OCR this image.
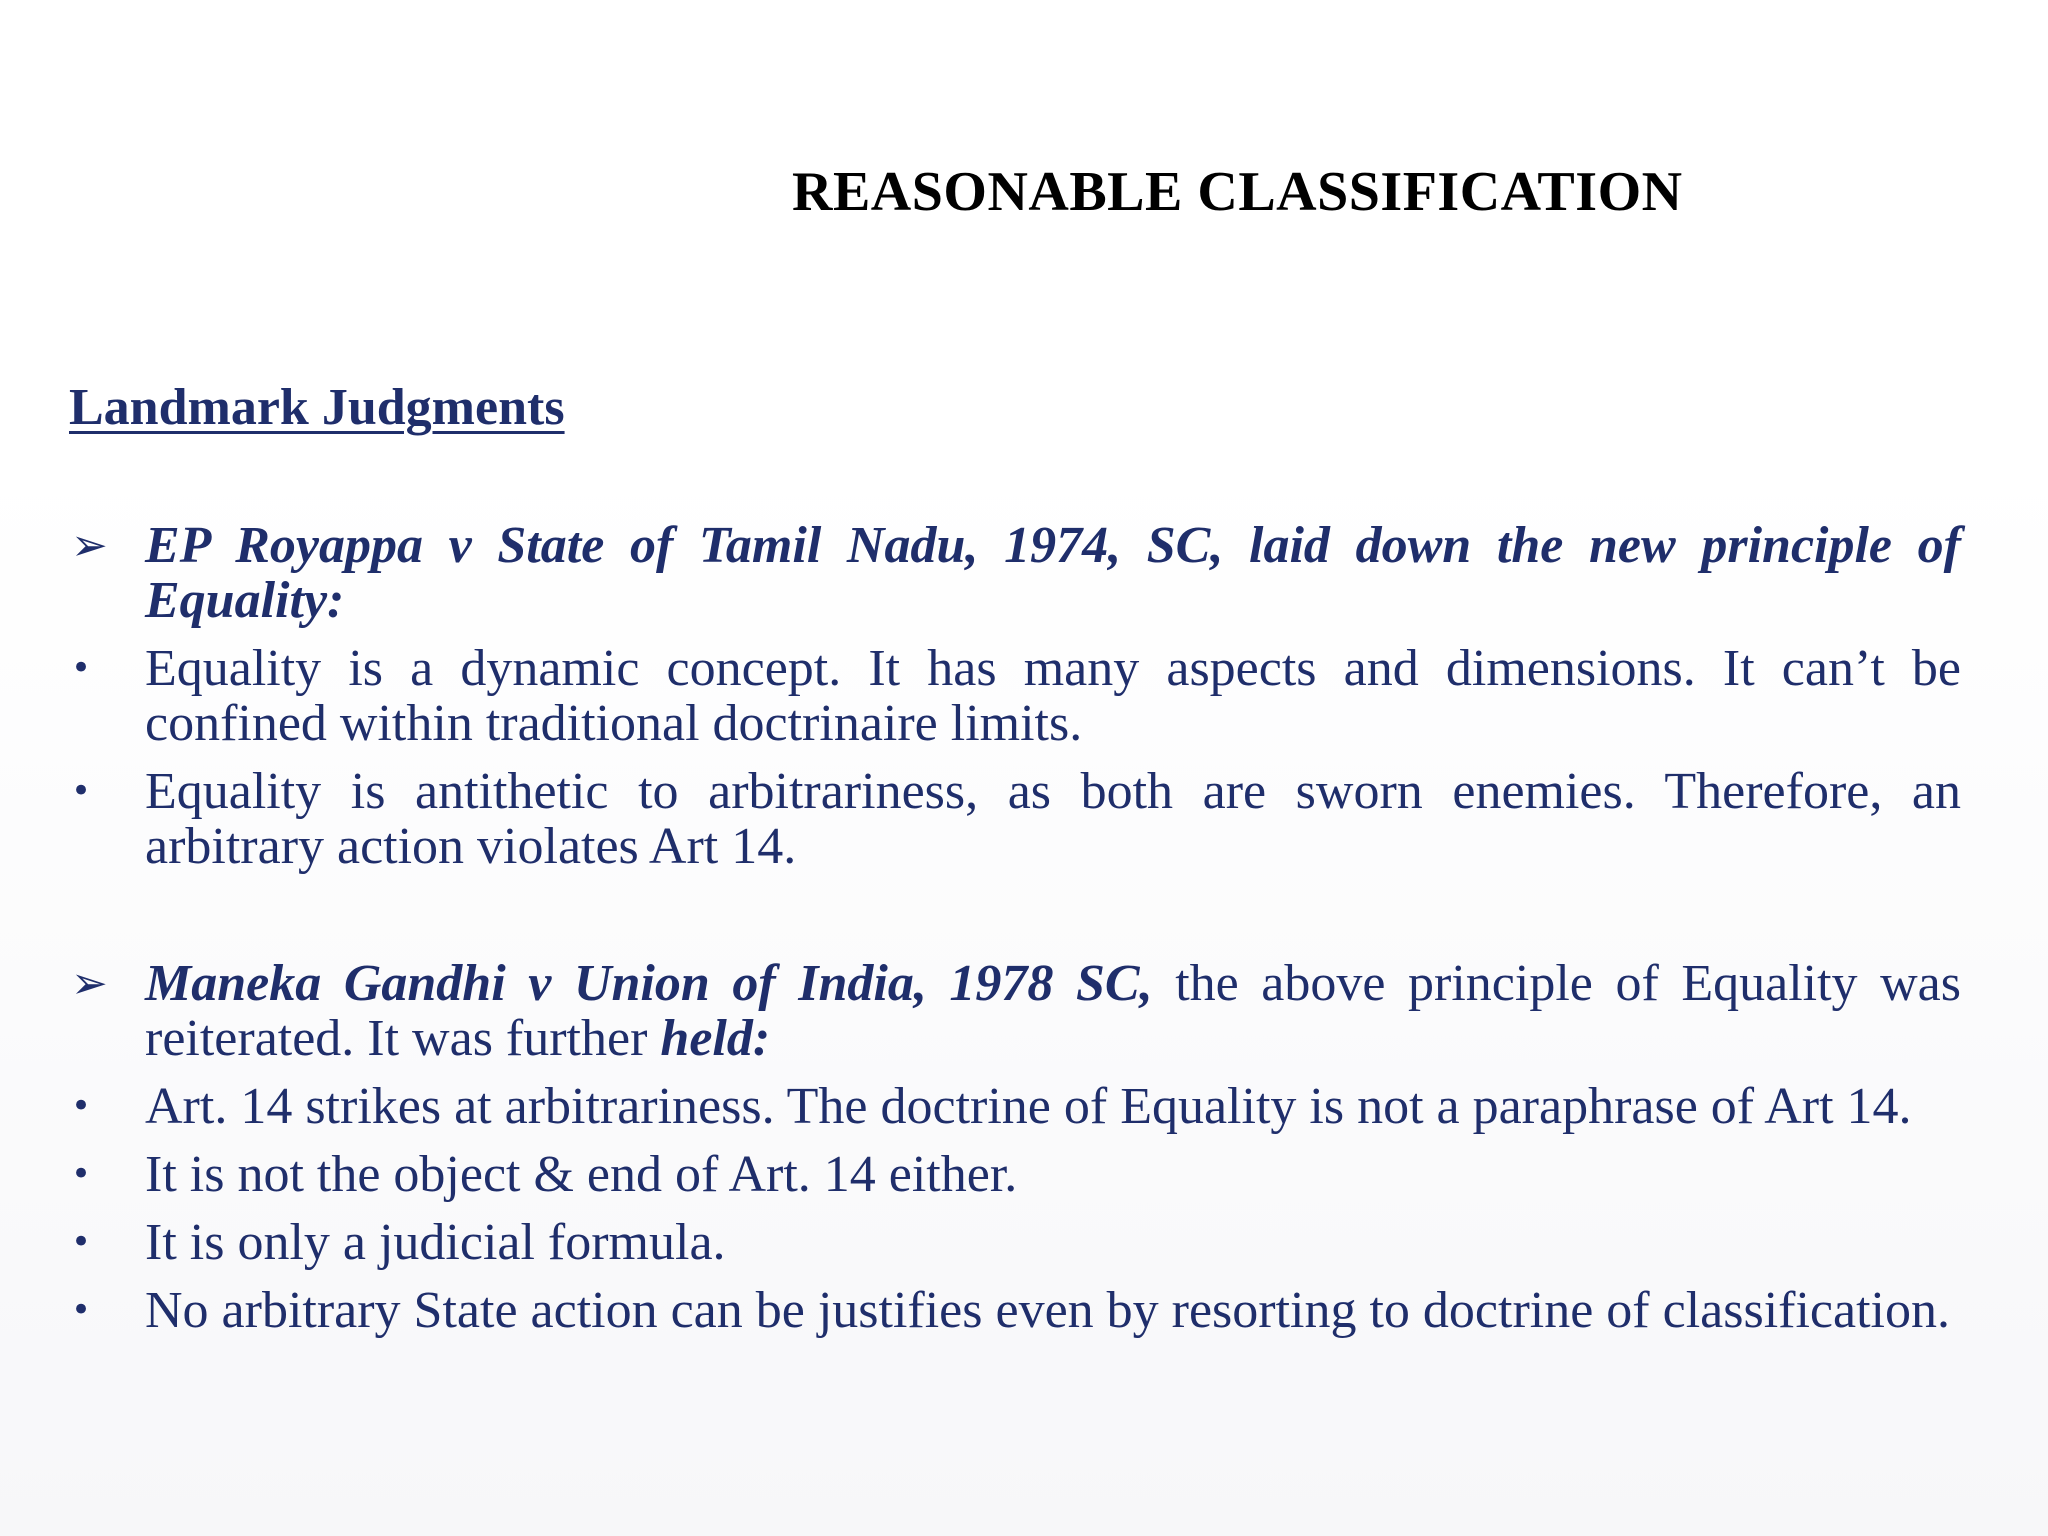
REASONABLE CLASSIFICATION
Landmark Judgments
➢ EP Royappa v State of Tamil Nadu, 1974, SC, laid down the new principle of Equality:
•	Equality is a dynamic concept. It has many aspects and dimensions. It can’t be confined within traditional doctrinaire limits.
•	Equality is antithetic to arbitrariness, as both are sworn enemies. Therefore, an arbitrary action violates Art 14.
➢ Maneka Gandhi v Union of India, 1978 SC, the above principle of Equality was reiterated. It was further held:
•	Art. 14 strikes at arbitrariness. The doctrine of Equality is not a paraphrase of Art 14.
•	It is not the object & end of Art. 14 either.
•	It is only a judicial formula.
•	No arbitrary State action can be justifies even by resorting to doctrine of classification.
